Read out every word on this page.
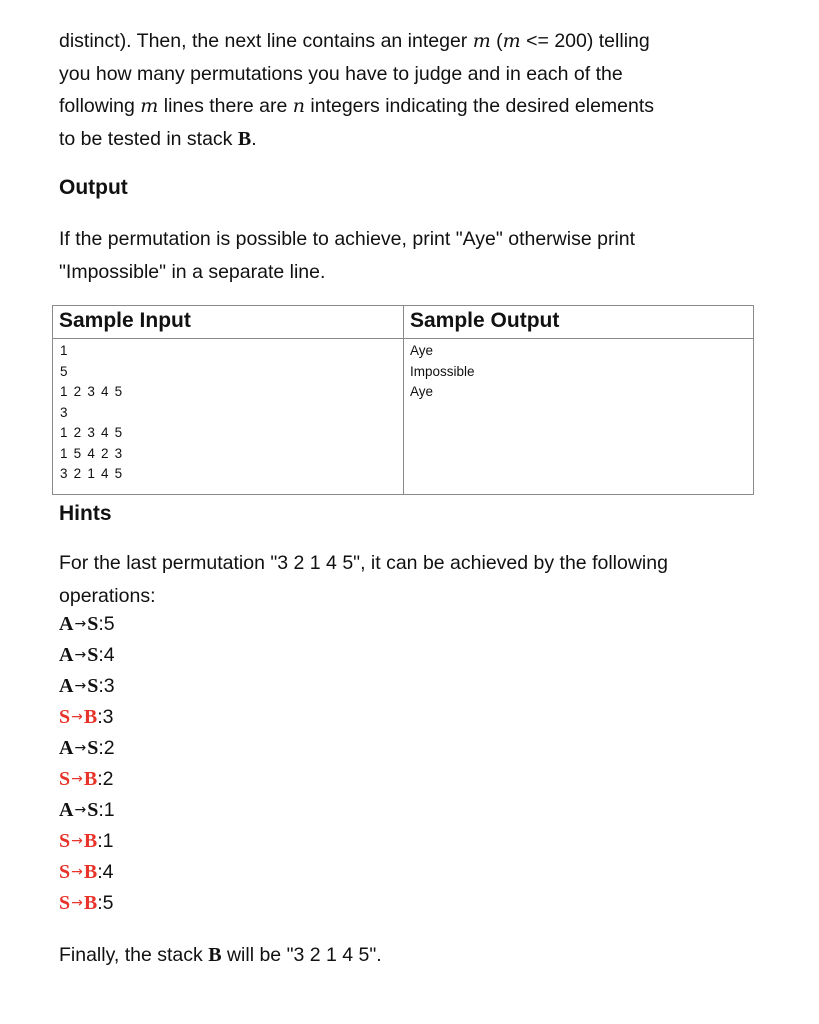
distinct). Then, the next line contains an integer m (m <= 200) telling
you how many permutations you have to judge and in each of the
following m lines there are n integers indicating the desired elements
to be tested in stack B.
Output
If the permutation is possible to achieve, print "Aye" otherwise print
"Impossible" in a separate line.
Sample Input	Sample Output
1
5
1 2 3 4 5
3
1 2 3 4 5
1 5 4 2 3
3 2 1 4 5
Aye
Impossible
Aye
Hints
For the last permutation "3 2 1 4 5", it can be achieved by the following
operations:
A→S:5
A→S:4
A→S:3
S→B:3
A→S:2
S→B:2
A→S:1
S→B:1
S→B:4
S→B:5
Finally, the stack B will be "3 2 1 4 5".
